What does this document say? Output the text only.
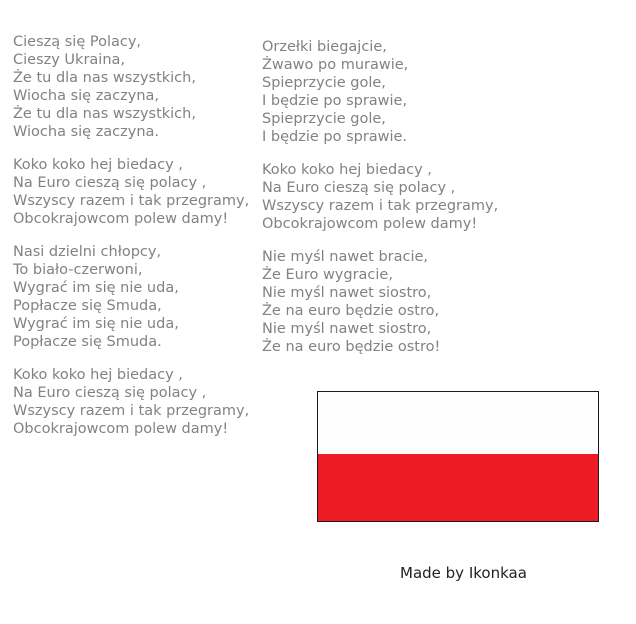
Cieszą się Polacy,
Cieszy Ukraina,
Że tu dla nas wszystkich,
Wiocha się zaczyna,
Że tu dla nas wszystkich,
Wiocha się zaczyna.

Koko koko hej biedacy ,
Na Euro cieszą się polacy ,
Wszyscy razem i tak przegramy,
Obcokrajowcom polew damy!

Nasi dzielni chłopcy,
To biało-czerwoni,
Wygrać im się nie uda,
Popłacze się Smuda,
Wygrać im się nie uda,
Popłacze się Smuda.

Koko koko hej biedacy ,
Na Euro cieszą się polacy ,
Wszyscy razem i tak przegramy,
Obcokrajowcom polew damy!

Orzełki biegajcie,
Żwawo po murawie,
Spieprzycie gole,
I będzie po sprawie,
Spieprzycie gole,
I będzie po sprawie.

Koko koko hej biedacy ,
Na Euro cieszą się polacy ,
Wszyscy razem i tak przegramy,
Obcokrajowcom polew damy!

Nie myśl nawet bracie,
Że Euro wygracie,
Nie myśl nawet siostro,
Że na euro będzie ostro,
Nie myśl nawet siostro,
Że na euro będzie ostro!

Made by Ikonkaa
